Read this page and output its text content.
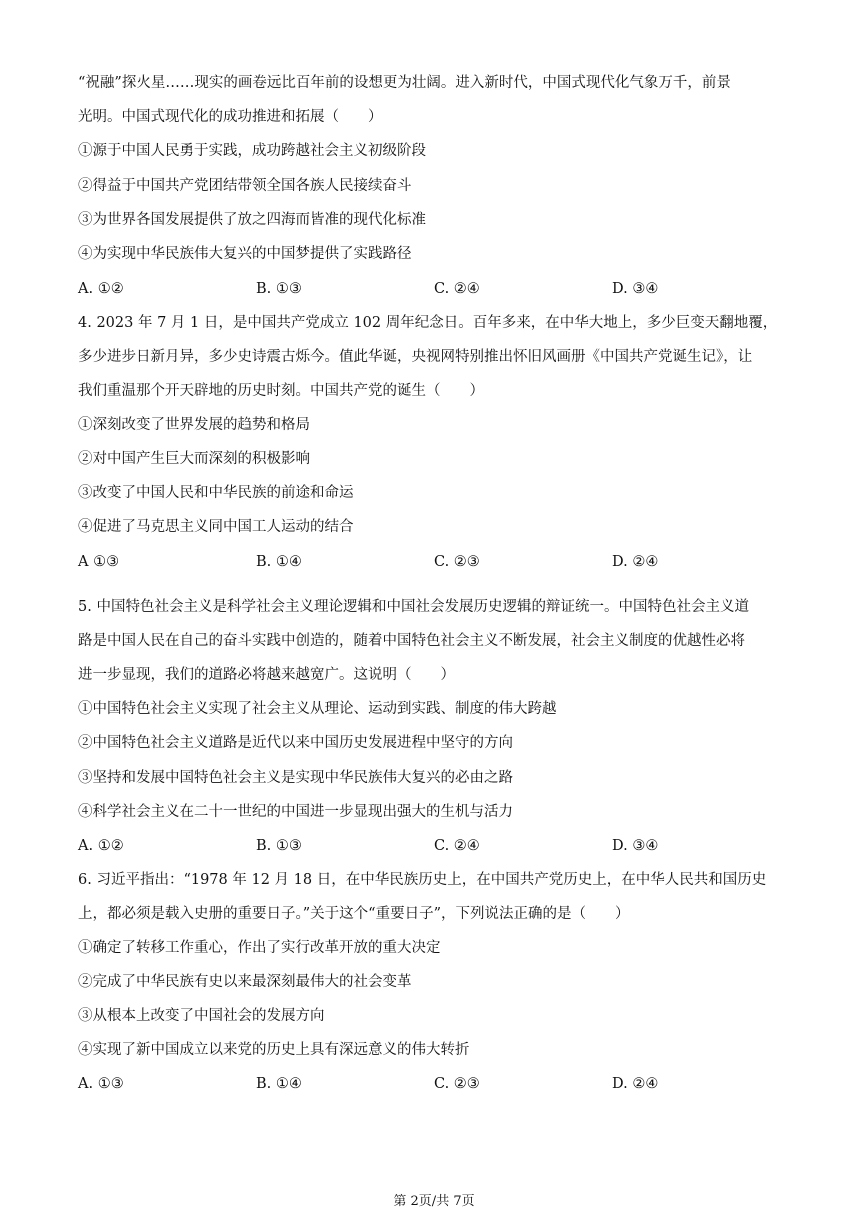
“祝融”探火星……现实的画卷远比百年前的设想更为壮阔。进入新时代，中国式现代化气象万千，前景
光明。中国式现代化的成功推进和拓展（　　）
①源于中国人民勇于实践，成功跨越社会主义初级阶段
②得益于中国共产党团结带领全国各族人民接续奋斗
③为世界各国发展提供了放之四海而皆准的现代化标准
④为实现中华民族伟大复兴的中国梦提供了实践路径
A. ①②	B. ①③	C. ②④	D. ③④
4. 2023 年 7 月 1 日，是中国共产党成立 102 周年纪念日。百年多来，在中华大地上，多少巨变天翻地覆，
多少进步日新月异，多少史诗震古烁今。值此华诞，央视网特别推出怀旧风画册《中国共产党诞生记》，让
我们重温那个开天辟地的历史时刻。中国共产党的诞生（　　）
①深刻改变了世界发展的趋势和格局
②对中国产生巨大而深刻的积极影响
③改变了中国人民和中华民族的前途和命运
④促进了马克思主义同中国工人运动的结合
A ①③	B. ①④	C. ②③	D. ②④
5. 中国特色社会主义是科学社会主义理论逻辑和中国社会发展历史逻辑的辩证统一。中国特色社会主义道
路是中国人民在自己的奋斗实践中创造的，随着中国特色社会主义不断发展，社会主义制度的优越性必将
进一步显现，我们的道路必将越来越宽广。这说明（　　）
①中国特色社会主义实现了社会主义从理论、运动到实践、制度的伟大跨越
②中国特色社会主义道路是近代以来中国历史发展进程中坚守的方向
③坚持和发展中国特色社会主义是实现中华民族伟大复兴的必由之路
④科学社会主义在二十一世纪的中国进一步显现出强大的生机与活力
A. ①②	B. ①③	C. ②④	D. ③④
6. 习近平指出：“1978 年 12 月 18 日，在中华民族历史上，在中国共产党历史上，在中华人民共和国历史
上，都必须是载入史册的重要日子。”关于这个“重要日子”，下列说法正确的是（　　）
①确定了转移工作重心，作出了实行改革开放的重大决定
②完成了中华民族有史以来最深刻最伟大的社会变革
③从根本上改变了中国社会的发展方向
④实现了新中国成立以来党的历史上具有深远意义的伟大转折
A. ①③	B. ①④	C. ②③	D. ②④
第 2页/共 7页
